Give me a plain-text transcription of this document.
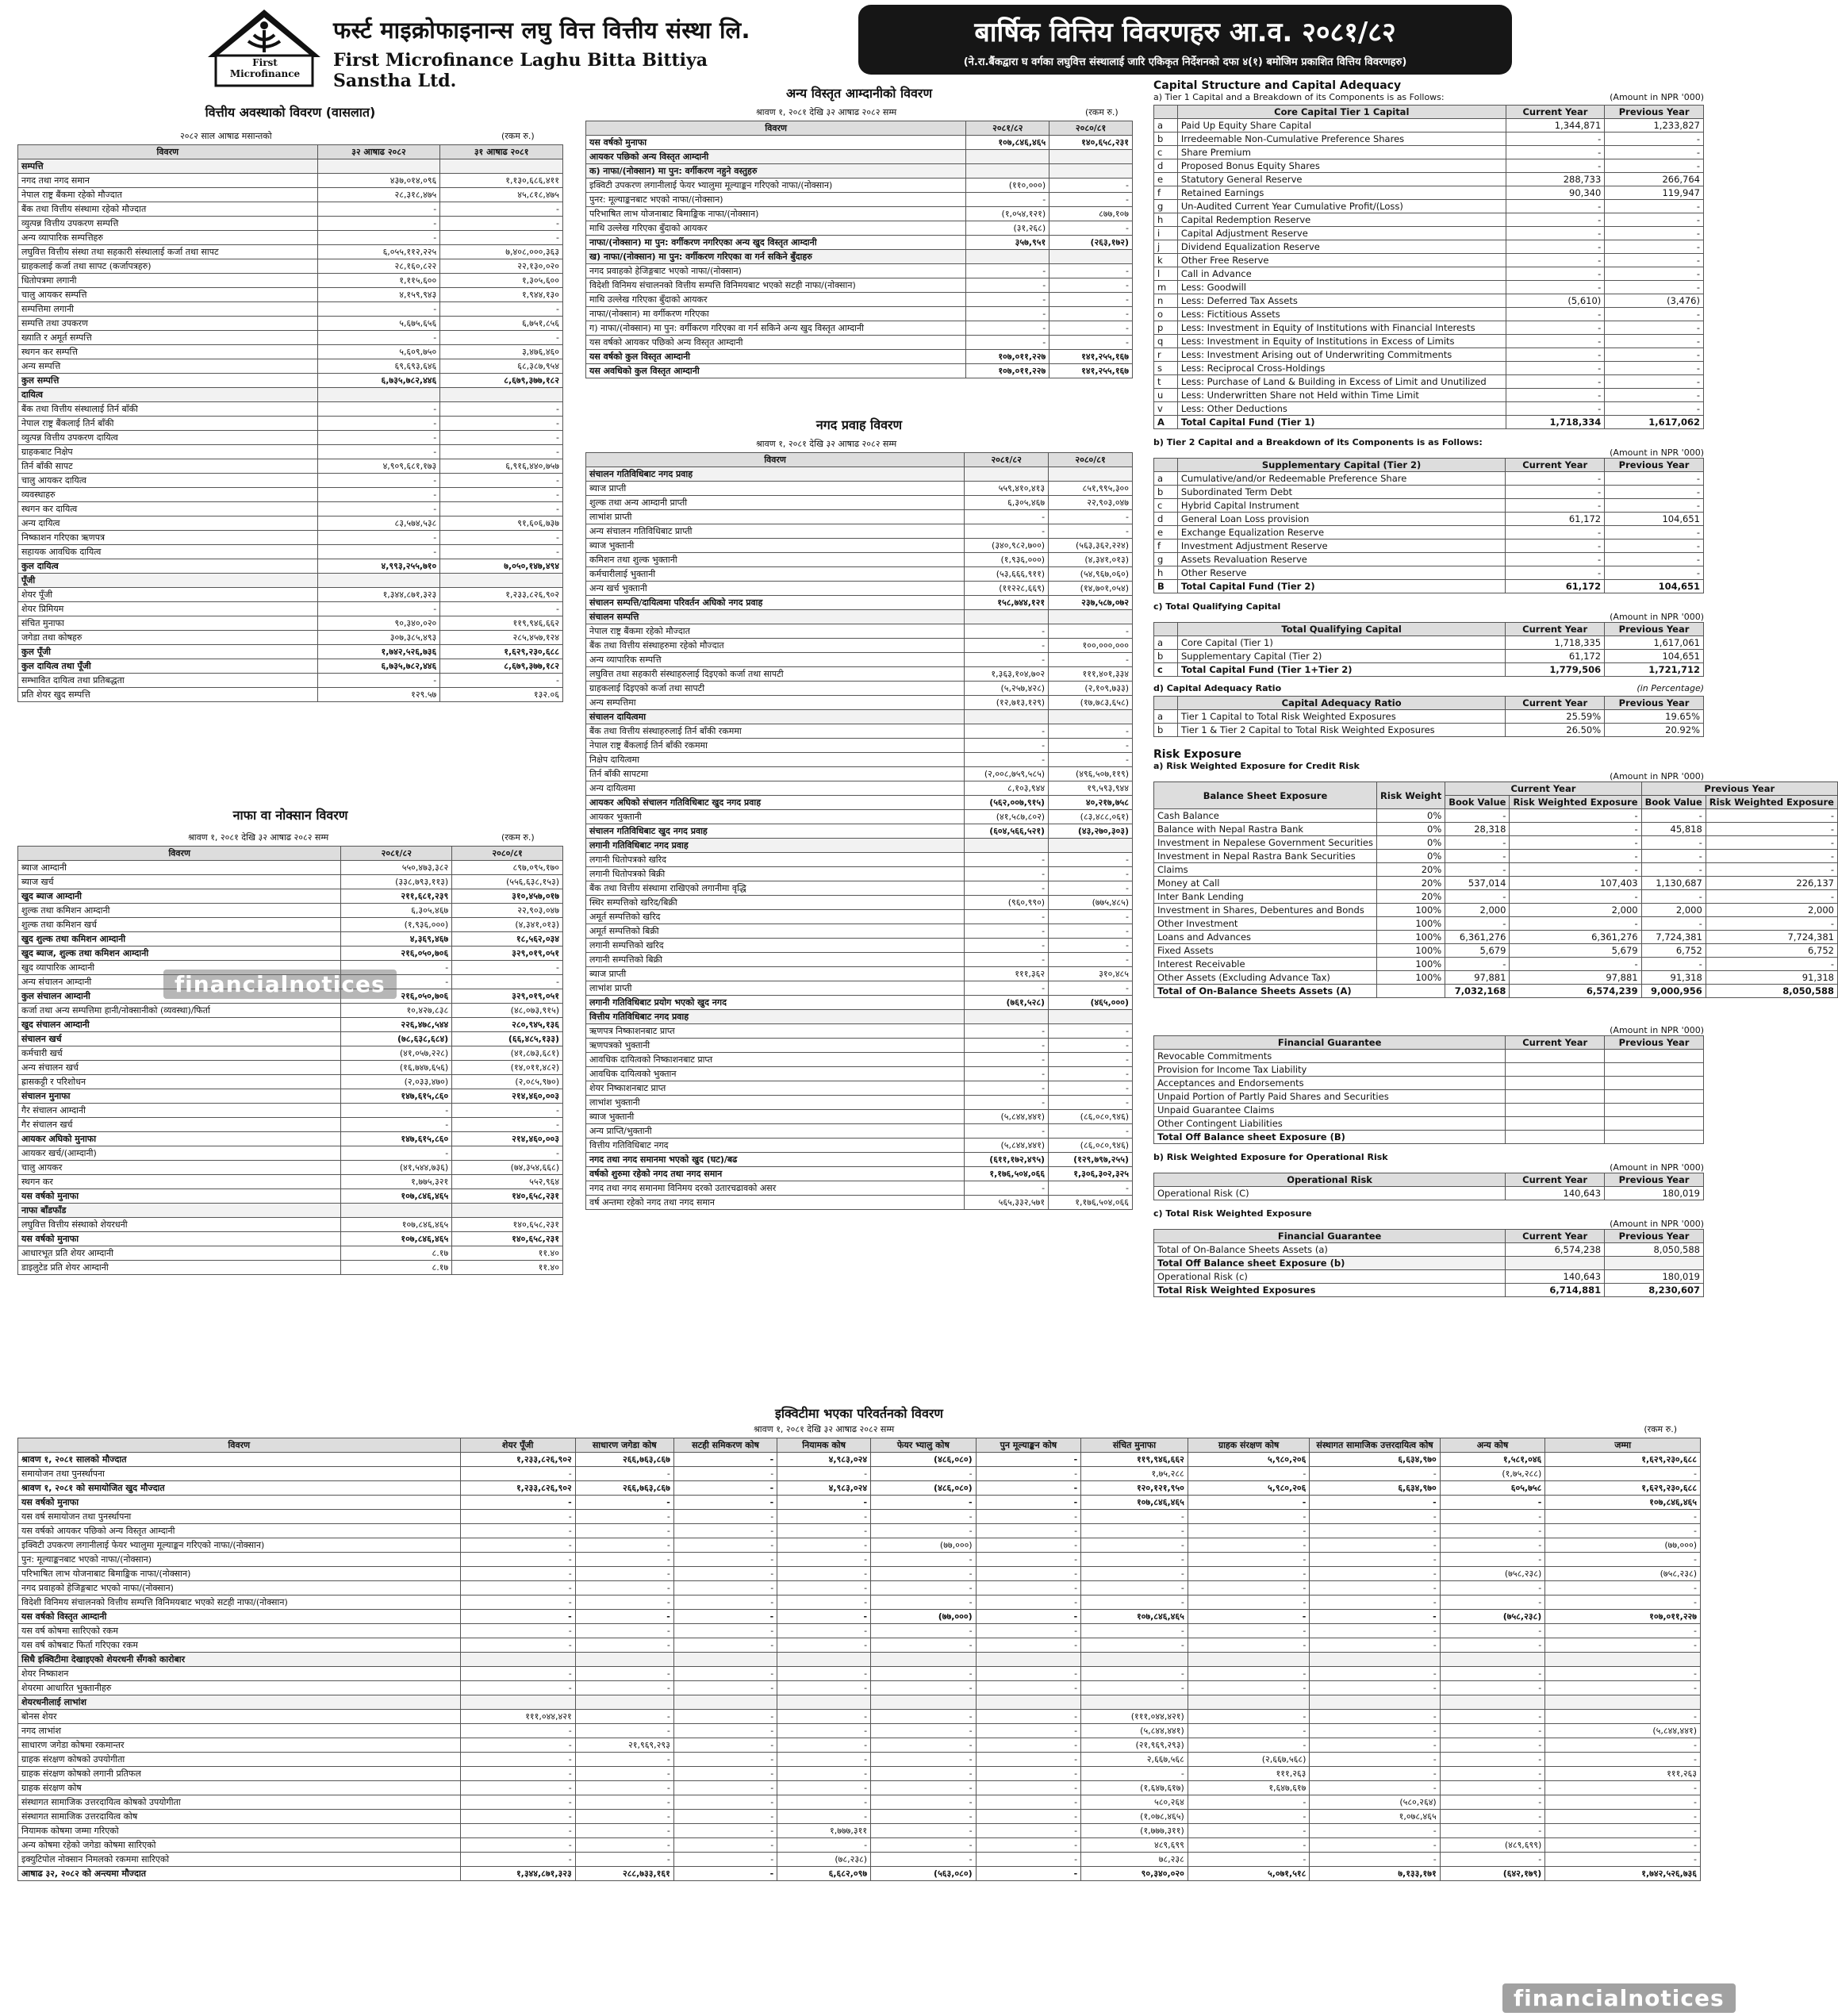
First Microfinance
फर्स्ट माइक्रोफाइनान्स लघु वित्त वित्तीय संस्था लि.
First Microfinance Laghu Bitta Bittiya Sanstha Ltd.
बार्षिक वित्तिय विवरणहरु आ.व. २०८१/८२
(ने.रा.बैंकद्वारा घ वर्गका लघुवित्त संस्थालाई जारि एकिकृत निर्देशनको दफा ४(१) बमोजिम प्रकाशित वित्तिय विवरणहरु)
वित्तीय अवस्थाको विवरण (वासलात)
२०८२ साल आषाढ मसान्तको	(रकम रु.)
विवरण	३२ आषाढ २०८२	३१ आषाढ २०८१
सम्पत्ति		
नगद तथा नगद समान	४३७,०१४,०९६	१,१३०,६८६,४११
नेपाल राष्ट्र बैंकमा रहेको मौज्दात	२८,३१८,४७५	४५,८१८,४७५
बैंक तथा वित्तीय संस्थामा रहेको मौज्दात	-	-
व्युत्पन्न वित्तीय उपकरण सम्पत्ति	-	-
अन्य व्यापारिक सम्पत्तिहरु	-	-
लघुवित्त वित्तीय संस्था तथा सहकारी संस्थालाई कर्जा तथा सापट	६,०५५,११२,२२५	७,४०८,०००,३६३
ग्राहकलाई कर्जा तथा सापट (कर्जापत्रहरु)	२८,१६०,८२२	२२,१३०,०२०
धितोपत्रमा लगानी	१,११५,६००	१,३०५,६००
चालु आयकर सम्पत्ति	४,१५९,९४३	१,९४४,१३०
सम्पत्तिमा लगानी	-	-
सम्पत्ति तथा उपकरण	५,६७५,६५६	६,७५१,८५६
ख्याति र अमूर्त सम्पत्ति	-	-
स्थगन कर सम्पत्ति	५,६०९,७५०	३,४७६,४६०
अन्य सम्पत्ति	६९,६९३,६४६	६८,३८७,९५४
कुल सम्पत्ति	६,७३५,७८२,४४६	८,६७९,३७७,१८२
दायित्व		
बैंक तथा वित्तीय संस्थालाई तिर्न बाँकी	-	-
नेपाल राष्ट्र बैंकलाई तिर्न बाँकी	-	-
व्युत्पन्न वित्तीय उपकरण दायित्व	-	-
ग्राहकबाट निक्षेप	-	-
तिर्न बाँकी सापट	४,९०९,६८१,१७३	६,९१६,४४०,७५७
चालु आयकर दायित्व	-	-
व्यवस्थाहरु	-	-
स्थगन कर दायित्व	-	-
अन्य दायित्व	८३,५७४,५३८	९१,६०६,७३७
निष्काशन गरिएका ऋणपत्र	-	-
सहायक आवधिक दायित्व	-	-
कुल दायित्व	४,९९३,२५५,७१०	७,०५०,१४७,४९४
पूँजी		
शेयर पूँजी	१,३४४,८७१,३२३	१,२३३,८२६,९०२
शेयर प्रिमियम	-	-
संचित मुनाफा	९०,३४०,०२०	११९,९४६,६६२
जगेडा तथा कोषहरु	३०७,३८५,४९३	२८५,४५७,१२४
कुल पूँजी	१,७४२,५२६,७३६	१,६२९,२३०,६८८
कुल दायित्व तथा पूँजी	६,७३५,७८२,४४६	८,६७९,३७७,१८२
सम्भावित दायित्व तथा प्रतिबद्धता	-	-
प्रति शेयर खुद सम्पत्ति	१२९.५७	१३२.०६
नाफा वा नोक्सान विवरण
श्रावण १, २०८१ देखि ३२ आषाढ २०८२ सम्म	(रकम रु.)
विवरण	२०८१/८२	२०८०/८१
ब्याज आम्दानी	५५०,४७३,३८२	८९७,०९५,१७०
ब्याज खर्च	(३३८,७९३,११३)	(५५६,६३८,१५३)
खुद ब्याज आम्दानी	२११,६८१,२३९	३१०,४५७,०१७
शुल्क तथा कमिशन आम्दानी	६,३०५,४६७	२२,९०३,०४७
शुल्क तथा कमिशन खर्च	(१,९३६,०००)	(४,३४१,०१३)
खुद शुल्क तथा कमिशन आम्दानी	४,३६९,४६७	१८,५६२,०३४
खुद ब्याज, शुल्क तथा कमिशन आम्दानी	२१६,०५०,७०६	३२९,०१९,०५१
खुद व्यापारिक आम्दानी	-	-
अन्य संचालन आम्दानी	-	-
कुल संचालन आम्दानी	२१६,०५०,७०६	३२९,०१९,०५१
कर्जा तथा अन्य सम्पत्तिमा हानी/नोक्सानीको (व्यवस्था)/फिर्ता	१०,४२७,८३८	(४८,०७३,९१५)
खुद संचालन आम्दानी	२२६,४७८,५४४	२८०,९४५,१३६
संचालन खर्च	(७८,६३८,६८४)	(६६,४८५,१३३)
कर्मचारी खर्च	(४१,०५७,२२८)	(४१,८७३,६८१)
अन्य संचालन खर्च	(१६,७४७,६५६)	(१४,०११,४८२)
ह्रासकट्टी र परिशोधन	(२,०३३,४७०)	(२,०८५,९७०)
संचालन मुनाफा	१४७,६१५,८६०	२१४,४६०,००३
गैर संचालन आम्दानी	-	-
गैर संचालन खर्च	-	-
आयकर अघिको मुनाफा	१४७,६१५,८६०	२१४,४६०,००३
आयकर खर्च/(आम्दानी)	-	-
चालु आयकर	(४१,५४४,७३६)	(७४,३५४,६६८)
स्थगन कर	१,७७५,३२१	५५२,९६४
यस वर्षको मुनाफा	१०७,८४६,४६५	१४०,६५८,२३१
नाफा बाँडफाँड		
लघुवित्त वित्तीय संस्थाको शेयरधनी	१०७,८४६,४६५	१४०,६५८,२३१
यस वर्षको मुनाफा	१०७,८४६,४६५	१४०,६५८,२३१
आधारभूत प्रति शेयर आम्दानी	८.१७	११.४०
डाइलुटेड प्रति शेयर आम्दानी	८.१७	११.४०
अन्य विस्तृत आम्दानीको विवरण
श्रावण १, २०८१ देखि ३२ आषाढ २०८२ सम्म	(रकम रु.)
विवरण	२०८१/८२	२०८०/८१
यस वर्षको मुनाफा	१०७,८४६,४६५	१४०,६५८,२३१
आयकर पछिको अन्य विस्तृत आम्दानी		
क) नाफा/(नोक्सान) मा पुन: वर्गीकरण नहुने वस्तुहरु		
इक्विटी उपकरण लगानीलाई फेयर भ्यालुमा मूल्याङ्कन गरिएको नाफा/(नोक्सान)	(११०,०००)	-
पुनर: मूल्याङ्कनबाट भएको नाफा/(नोक्सान)	-	-
परिभाषित लाभ योजनाबाट बिमाङ्किक नाफा/(नोक्सान)	(१,०५४,१२१)	८७७,१०७
माथि उल्लेख गरिएका बुँदाको आयकर	(३१,२६८)	-
नाफा/(नोक्सान) मा पुन: वर्गीकरण नगरिएका अन्य खुद विस्तृत आम्दानी	३५७,९५१	(२६३,१७२)
ख) नाफा/(नोक्सान) मा पुन: वर्गीकरण गरिएका वा गर्न सकिने बुँदाहरु		
नगद प्रवाहको हेजिङ्गबाट भएको नाफा/(नोक्सान)	-	-
विदेशी विनिमय संचालनको वित्तीय सम्पत्ति विनिमयबाट भएको सटही नाफा/(नोक्सान)	-	-
माथि उल्लेख गरिएका बुँदाको आयकर	-	-
नाफा/(नोक्सान) मा वर्गीकरण गरिएका	-	-
ग) नाफा/(नोक्सान) मा पुन: वर्गीकरण गरिएका वा गर्न सकिने अन्य खुद विस्तृत आम्दानी	-	-
यस वर्षको आयकर पछिको अन्य विस्तृत आम्दानी	-	-
यस वर्षको कुल विस्तृत आम्दानी	१०७,०११,२२७	१४१,२५५,१६७
यस अवधिको कुल विस्तृत आम्दानी	१०७,०११,२२७	१४१,२५५,१६७
नगद प्रवाह विवरण
श्रावण १, २०८१ देखि ३२ आषाढ २०८२ सम्म
विवरण	२०८१/८२	२०८०/८१
संचालन गतिविधिबाट नगद प्रवाह		
ब्याज प्राप्ती	५५९,४१०,४१३	८५१,९९५,३००
शुल्क तथा अन्य आम्दानी प्राप्ती	६,३०५,४६७	२२,९०३,०४७
लाभांश प्राप्ती	-	-
अन्य संचालन गतिविधिबाट प्राप्ती	-	-
ब्याज भुक्तानी	(३४०,९८२,७००)	(५६३,३६२,२२४)
कमिशन तथा शुल्क भुक्तानी	(१,९३६,०००)	(४,३४१,०१३)
कर्मचारीलाई भुक्तानी	(५३,६६६,९११)	(५४,९६७,०६०)
अन्य खर्च भुक्तानी	(११२२८,६६९)	(१४,७०१,०५४)
संचालन सम्पत्ति/दायित्वमा परिवर्तन अघिको नगद प्रवाह	१५८,७४४,१२१	२३७,५८७,०७२
संचालन सम्पत्ति		
नेपाल राष्ट्र बैंकमा रहेको मौज्दात	-	-
बैंक तथा वित्तीय संस्थाहरुमा रहेको मौज्दात	-	१००,०००,०००
अन्य व्यापारिक सम्पत्ति	-	-
लघुवित्त तथा सहकारी संस्थाहरुलाई दिइएको कर्जा तथा सापटी	१,३६३,१०४,७०२	१११,४०१,३३४
ग्राहकलाई दिइएको कर्जा तथा सापटी	(५,२५७,४२८)	(२,१०९,७३३)
अन्य सम्पत्तिमा	(१२,७१३,१२९)	(१७,७८३,६५८)
संचालन दायित्वमा		
बैंक तथा वित्तीय संस्थाहरुलाई तिर्न बाँकी रकममा	-	-
नेपाल राष्ट्र बैंकलाई तिर्न बाँकी रकममा	-	-
निक्षेप दायित्वमा	-	-
तिर्न बाँकी सापटमा	(२,००८,७५९,५८५)	(४९६,५०७,११९)
अन्य दायित्वमा	८,१०३,९४४	१९,५९३,९४४
आयकर अघिको संचालन गतिविधिबाट खुद नगद प्रवाह	(५६२,००७,९१५)	४०,२१७,७५८
आयकर भुक्तानी	(४१,५८७,८०२)	(८३,४८८,०६१)
संचालन गतिविधिबाट खुद नगद प्रवाह	(६०४,५६६,५२१)	(४३,२७०,३०३)
लगानी गतिविधिबाट नगद प्रवाह		
लगानी धितोपत्रको खरिद	-	-
लगानी धितोपत्रको बिक्री	-	-
बैंक तथा वित्तीय संस्थामा राखिएको लगानीमा वृद्धि	-	-
स्थिर सम्पत्तिको खरिद/बिक्री	(९६०,९९०)	(७७५,४८५)
अमूर्त सम्पत्तिको खरिद	-	-
अमूर्त सम्पत्तिको बिक्री	-	-
लगानी सम्पत्तिको खरिद	-	-
लगानी सम्पत्तिको बिक्री	-	-
ब्याज प्राप्ती	१११,३६२	३१०,४८५
लाभांश प्राप्ती	-	-
लगानी गतिविधिबाट प्रयोग भएको खुद नगद	(७६१,५२८)	(४६५,०००)
वित्तीय गतिविधिबाट नगद प्रवाह		
ऋणपत्र निष्काशनबाट प्राप्त	-	-
ऋणपत्रको भुक्तानी	-	-
आवधिक दायित्वको निष्काशनबाट प्राप्त	-	-
आवधिक दायित्वको भुक्तान	-	-
शेयर निष्काशनबाट प्राप्त	-	-
लाभांश भुक्तानी	-	-
ब्याज भुक्तानी	(५,८४४,४४१)	(८६,०८०,९४६)
अन्य प्राप्ति/भुक्तानी	-	-
वित्तीय गतिविधिबाट नगद	(५,८४४,४४१)	(८६,०८०,९४६)
नगद तथा नगद समानमा भएको खुद (घट)/बढ	(६११,१७२,४९५)	(१२९,७९७,२५५)
वर्षको शुरुमा रहेको नगद तथा नगद समान	१,१७६,५०४,०६६	१,३०६,३०२,३२५
नगद तथा नगद समानमा विनिमय दरको उतारचढावको असर	-	-
वर्ष अन्तमा रहेको नगद तथा नगद समान	५६५,३३२,५७१	१,१७६,५०४,०६६
Capital Structure and Capital Adequacy
a) Tier 1 Capital and a Breakdown of its Components is as Follows:	(Amount in NPR '000)
	Core Capital Tier 1 Capital	Current Year	Previous Year
a	Paid Up Equity Share Capital	1,344,871	1,233,827
b	Irredeemable Non-Cumulative Preference Shares	-	-
c	Share Premium	-	-
d	Proposed Bonus Equity Shares	-	-
e	Statutory General Reserve	288,733	266,764
f	Retained Earnings	90,340	119,947
g	Un-Audited Current Year Cumulative Profit/(Loss)	-	-
h	Capital Redemption Reserve	-	-
i	Capital Adjustment Reserve	-	-
j	Dividend Equalization Reserve	-	-
k	Other Free Reserve	-	-
l	Call in Advance	-	-
m	Less: Goodwill	-	-
n	Less: Deferred Tax Assets	(5,610)	(3,476)
o	Less: Fictitious Assets	-	-
p	Less: Investment in Equity of Institutions with Financial Interests	-	-
q	Less: Investment in Equity of Institutions in Excess of Limits	-	-
r	Less: Investment Arising out of Underwriting Commitments	-	-
s	Less: Reciprocal Cross-Holdings	-	-
t	Less: Purchase of Land & Building in Excess of Limit and Unutilized	-	-
u	Less: Underwritten Share not Held within Time Limit	-	-
v	Less: Other Deductions	-	-
A	Total Capital Fund (Tier 1)	1,718,334	1,617,062
b) Tier 2 Capital and a Breakdown of its Components is as Follows:
(Amount in NPR '000)
	Supplementary Capital (Tier 2)	Current Year	Previous Year
a	Cumulative/and/or Redeemable Preference Share	-	-
b	Subordinated Term Debt	-	-
c	Hybrid Capital Instrument	-	-
d	General Loan Loss provision	61,172	104,651
e	Exchange Equalization Reserve	-	-
f	Investment Adjustment Reserve	-	-
g	Assets Revaluation Reserve	-	-
h	Other Reserve	-	-
B	Total Capital Fund (Tier 2)	61,172	104,651
c) Total Qualifying Capital
(Amount in NPR '000)
	Total Qualifying Capital	Current Year	Previous Year
a	Core Capital (Tier 1)	1,718,335	1,617,061
b	Supplementary Capital (Tier 2)	61,172	104,651
c	Total Capital Fund (Tier 1+Tier 2)	1,779,506	1,721,712
d) Capital Adequacy Ratio	(in Percentage)
	Capital Adequacy Ratio	Current Year	Previous Year
a	Tier 1 Capital to Total Risk Weighted Exposures	25.59%	19.65%
b	Tier 1 & Tier 2 Capital to Total Risk Weighted Exposures	26.50%	20.92%
Risk Exposure
a) Risk Weighted Exposure for Credit Risk
(Amount in NPR '000)
Balance Sheet Exposure	Risk Weight	Current Year		Previous Year	
		Book Value	Risk Weighted Exposure	Book Value	Risk Weighted Exposure
Cash Balance	0%	-	-	-	-
Balance with Nepal Rastra Bank	0%	28,318	-	45,818	-
Investment in Nepalese Government Securities	0%	-	-	-	-
Investment in Nepal Rastra Bank Securities	0%	-	-	-	-
Claims	20%	-	-	-	-
Money at Call	20%	537,014	107,403	1,130,687	226,137
Inter Bank Lending	20%	-	-	-	-
Investment in Shares, Debentures and Bonds	100%	2,000	2,000	2,000	2,000
Other Investment	100%	-	-	-	-
Loans and Advances	100%	6,361,276	6,361,276	7,724,381	7,724,381
Fixed Assets	100%	5,679	5,679	6,752	6,752
Interest Receivable	100%	-	-	-	-
Other Assets (Excluding Advance Tax)	100%	97,881	97,881	91,318	91,318
Total of On-Balance Sheets Assets (A)		7,032,168	6,574,239	9,000,956	8,050,588
(Amount in NPR '000)
Financial Guarantee	Current Year	Previous Year
Revocable Commitments		
Provision for Income Tax Liability		
Acceptances and Endorsements		
Unpaid Portion of Partly Paid Shares and Securities		
Unpaid Guarantee Claims		
Other Contingent Liabilities		
Total Off Balance sheet Exposure (B)		
b) Risk Weighted Exposure for Operational Risk
(Amount in NPR '000)
Operational Risk	Current Year	Previous Year
Operational Risk (C)	140,643	180,019
c) Total Risk Weighted Exposure
(Amount in NPR '000)
Financial Guarantee	Current Year	Previous Year
Total of On-Balance Sheets Assets (a)	6,574,238	8,050,588
Total Off Balance sheet Exposure (b)		
Operational Risk (c)	140,643	180,019
Total Risk Weighted Exposures	6,714,881	8,230,607
इक्विटीमा भएका परिवर्तनको विवरण
श्रावण १, २०८१ देखि ३२ आषाढ २०८२ सम्म	(रकम रु.)
विवरण	शेयर पूँजी	साधारण जगेडा कोष	सटही समिकरण कोष	नियामक कोष	फेयर भ्यालु कोष	पुन मूल्याङ्कन कोष	संचित मुनाफा	ग्राहक संरक्षण कोष	संस्थागत सामाजिक उत्तरदायित्व कोष	अन्य कोष	जम्मा
श्रावण १, २०८१ सालको मौज्दात	१,२३३,८२६,९०२	२६६,७६३,८६७	-	४,९८३,०२४	(४८६,०८०)	-	११९,९४६,६६२	५,९८०,२०६	६,६३४,९७०	१,५८१,०४६	१,६२९,२३०,६८८
समायोजन तथा पुनर्स्थापना	-	-	-	-	-	-	१,७५,२८८	-	-	(१,७५,२८८)	-
श्रावण १, २०८१ को समायोजित खुद मौज्दात	१,२३३,८२६,९०२	२६६,७६३,८६७	-	४,९८३,०२४	(४८६,०८०)	-	१२०,१२१,९५०	५,९८०,२०६	६,६३४,९७०	६०५,७५८	१,६२९,२३०,६८८
यस वर्षको मुनाफा	-	-	-	-	-	-	१०७,८४६,४६५	-	-	-	१०७,८४६,४६५
यस वर्ष समायोजन तथा पुनर्स्थापना	-	-	-	-	-	-	-	-	-	-	-
यस वर्षको आयकर पछिको अन्य विस्तृत आम्दानी	-	-	-	-	-	-	-	-	-	-	-
इक्विटी उपकरण लगानीलाई फेयर भ्यालुमा मूल्याङ्कन गरिएको नाफा/(नोक्सान)	-	-	-	-	(७७,०००)	-	-	-	-	-	(७७,०००)
पुन: मूल्याङ्कनबाट भएको नाफा/(नोक्सान)	-	-	-	-	-	-	-	-	-	-	-
परिभाषित लाभ योजनाबाट बिमाङ्किक नाफा/(नोक्सान)	-	-	-	-	-	-	-	-	-	(७५८,२३८)	(७५८,२३८)
नगद प्रवाहको हेजिङ्गबाट भएको नाफा/(नोक्सान)	-	-	-	-	-	-	-	-	-	-	-
विदेशी विनिमय संचालनको वित्तीय सम्पत्ति विनिमयबाट भएको सटही नाफा/(नोक्सान)	-	-	-	-	-	-	-	-	-	-	-
यस वर्षको विस्तृत आम्दानी	-	-	-	-	(७७,०००)	-	१०७,८४६,४६५	-	-	(७५८,२३८)	१०७,०११,२२७
यस वर्ष कोषमा सारिएको रकम	-	-	-	-	-	-	-	-	-	-	-
यस वर्ष कोषबाट फिर्ता गरिएका रकम	-	-	-	-	-	-	-	-	-	-	-
सिधै इक्विटीमा देखाइएको शेयरधनी सँगको कारोबार											
शेयर निष्काशन	-	-	-	-	-	-	-	-	-	-	-
शेयरमा आधारित भुक्तानीहरु	-	-	-	-	-	-	-	-	-	-	-
शेयरधनीलाई लाभांश											
बोनस शेयर	१११,०४४,४२१	-	-	-	-	-	(१११,०४४,४२१)	-	-	-	-
नगद लाभांश	-	-	-	-	-	-	(५,८४४,४४१)	-	-	-	(५,८४४,४४१)
साधारण जगेडा कोषमा रकमान्तर	-	२१,९६९,२९३	-	-	-	-	(२१,९६९,२९३)	-	-	-	-
ग्राहक संरक्षण कोषको उपयोगीता	-	-	-	-	-	-	२,६६७,५६८	(२,६६७,५६८)	-	-	-
ग्राहक संरक्षण कोषको लगानी प्रतिफल	-	-	-	-	-	-	-	१११,२६३	-	-	१११,२६३
ग्राहक संरक्षण कोष	-	-	-	-	-	-	(१,६४७,६१७)	१,६४७,६१७	-	-	-
संस्थागत सामाजिक उत्तरदायित्व कोषको उपयोगीता	-	-	-	-	-	-	५८०,२६४	-	(५८०,२६४)	-	-
संस्थागत सामाजिक उत्तरदायित्व कोष	-	-	-	-	-	-	(१,०७८,४६५)	-	१,०७८,४६५	-	-
नियामक कोषमा जम्मा गरिएको	-	-	-	१,७७७,३११	-	-	(१,७७७,३११)	-	-	-	-
अन्य कोषमा रहेको जगेडा कोषमा सारिएको	-	-	-	-	-	-	४८९,६९९	-	-	(४८९,६९९)	-
इक्युटिपोल नोक्सान निमलको रकममा सारिएको	-	-	-	(७८,२३८)	-	-	७८,२३८	-	-	-	-
आषाढ ३२, २०८२ को अन्त्यमा मौज्दात	१,३४४,८७१,३२३	२८८,७३३,१६१	-	६,६८२,०९७	(५६३,०८०)	-	९०,३४०,०२०	५,०७१,५१८	७,१३३,१७१	(६४२,१७९)	१,७४२,५२६,७३६
financialnotices
financialnotices
